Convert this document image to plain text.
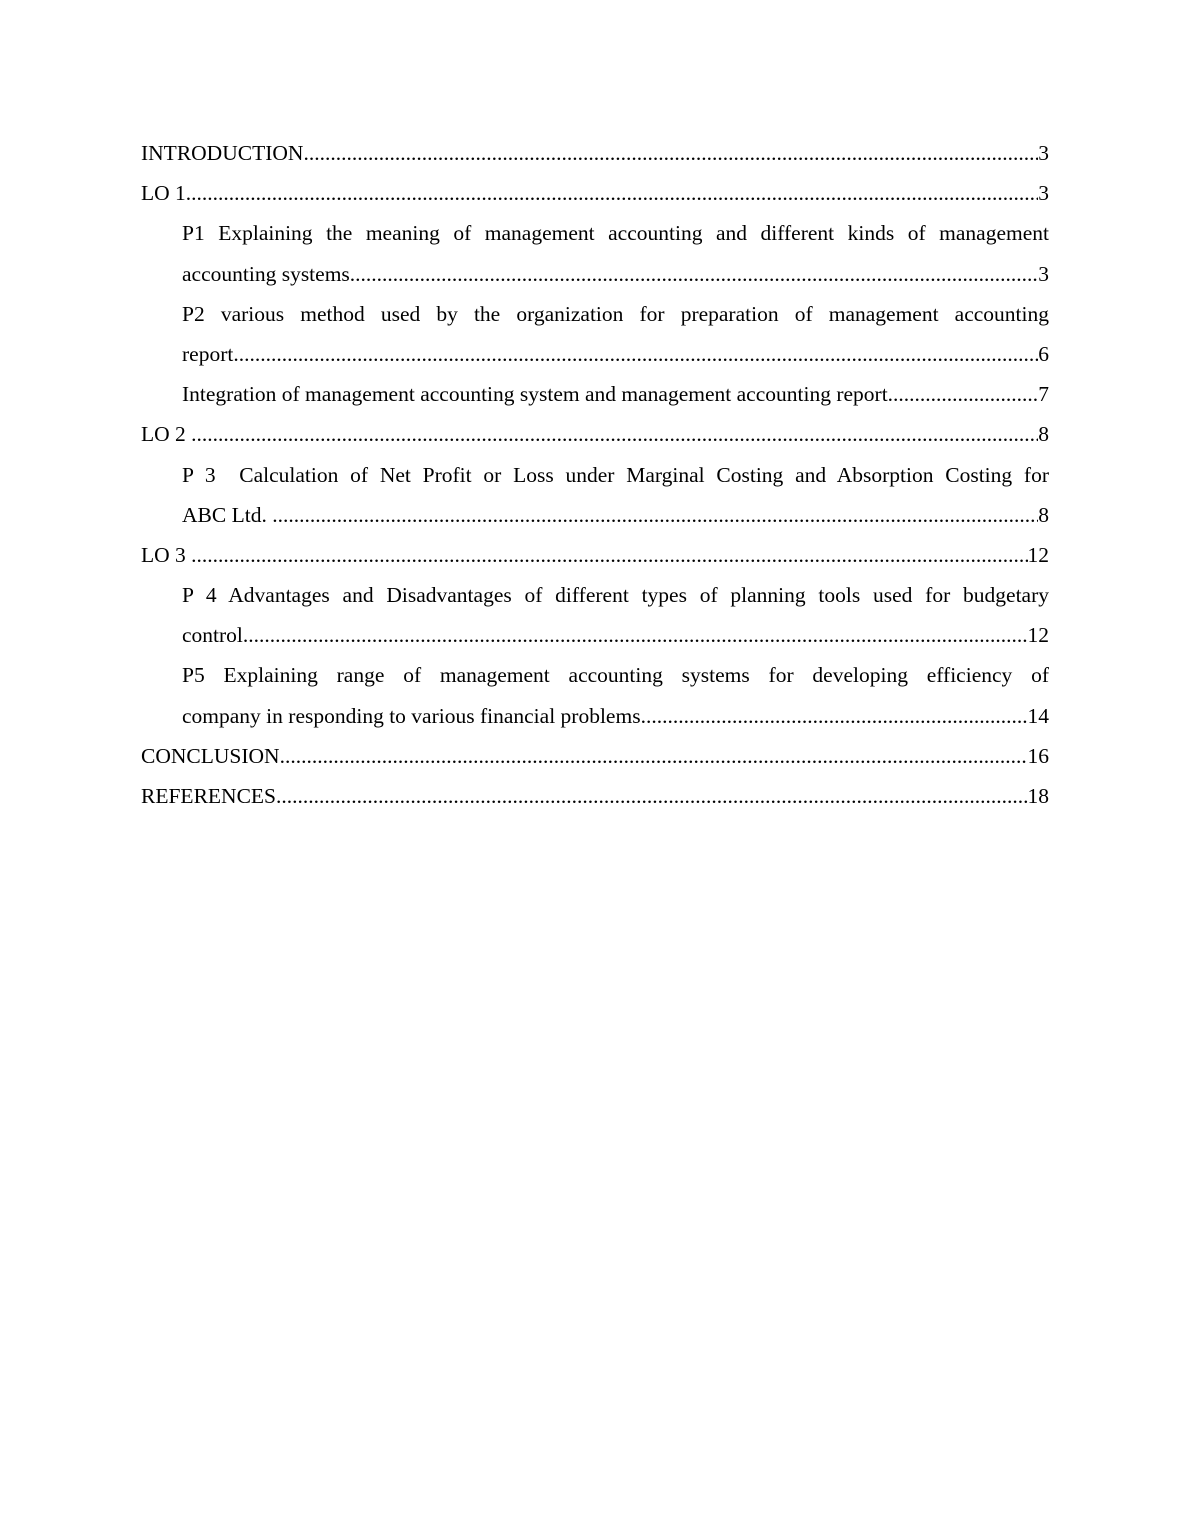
INTRODUCTION .....	3
LO 1 .....	3
P1 Explaining the meaning of management accounting and different kinds of management
accounting systems .....	3
P2 various method used by the organization for preparation of management accounting
report .....	6
Integration of management accounting system and management accounting report .....	7
LO 2 .....	8
P 3  Calculation of Net Profit or Loss under Marginal Costing and Absorption Costing for
ABC Ltd. .....	8
LO 3 .....	12
P 4 Advantages and Disadvantages of different types of planning tools used for budgetary
control .....	12
P5 Explaining range of management accounting systems for developing efficiency of
company in responding to various financial problems .....	14
CONCLUSION .....	16
REFERENCES .....	18
